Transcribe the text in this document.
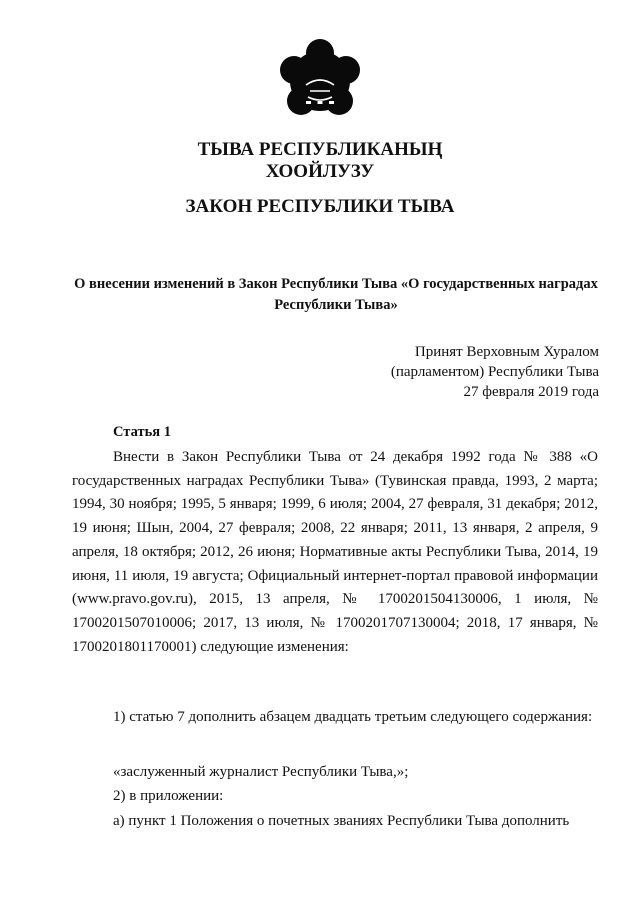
ТЫВА РЕСПУБЛИКАНЫҢ
ХООЙЛУЗУ
ЗАКОН РЕСПУБЛИКИ ТЫВА
О внесении изменений в Закон Республики Тыва «О государственных наградах Республики Тыва»
Принят Верховным Хуралом
(парламентом) Республики Тыва
27 февраля 2019 года
Статья 1
Внести в Закон Республики Тыва от 24 декабря 1992 года № 388 «О государственных наградах Республики Тыва» (Тувинская правда, 1993, 2 марта; 1994, 30 ноября; 1995, 5 января; 1999, 6 июля; 2004, 27 февраля, 31 декабря; 2012, 19 июня; Шын, 2004, 27 февраля; 2008, 22 января; 2011, 13 января, 2 апреля, 9 апреля, 18 октября; 2012, 26 июня; Нормативные акты Республики Тыва, 2014, 19 июня, 11 июля, 19 августа; Официальный интернет-портал правовой информации (www.pravo.gov.ru), 2015, 13 апреля, № 1700201504130006, 1 июля, № 1700201507010006; 2017, 13 июля, № 1700201707130004; 2018, 17 января, № 1700201801170001) следующие изменения:
1) статью 7 дополнить абзацем двадцать третьим следующего содержания:
«заслуженный журналист Республики Тыва,»;
2) в приложении:
а) пункт 1 Положения о почетных званиях Республики Тыва дополнить
